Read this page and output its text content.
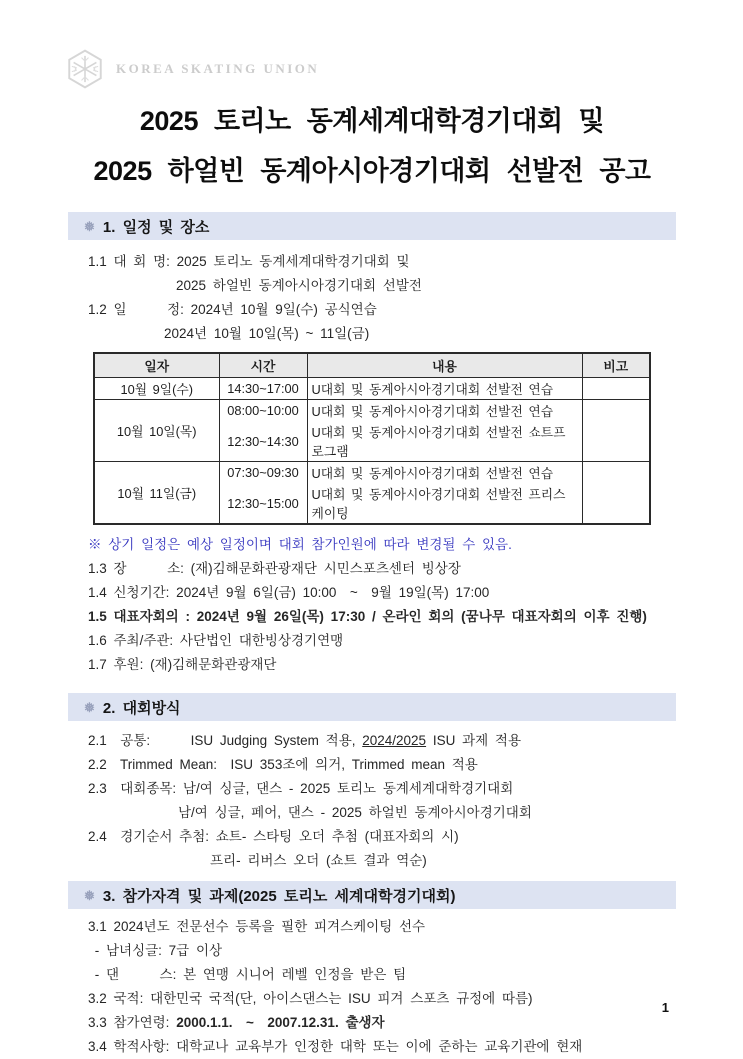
KOREA SKATING UNION
2025 토리노 동계세계대학경기대회 및
2025 하얼빈 동계아시아경기대회 선발전 공고
❅ 1. 일정 및 장소
1.1 대 회 명: 2025 토리노 동계세계대학경기대회 및
2025 하얼빈 동계아시아경기대회 선발전
1.2 일      정: 2024년 10월 9일(수) 공식연습
2024년 10월 10일(목) ~ 11일(금)
일자	시간	내용	비고
10월 9일(수)	14:30~17:00	U대회 및 동계아시아경기대회 선발전 연습	
10월 10일(목)	08:00~10:00	U대회 및 동계아시아경기대회 선발전 연습	
	12:30~14:30	U대회 및 동계아시아경기대회 선발전 쇼트프로그램	
10월 11일(금)	07:30~09:30	U대회 및 동계아시아경기대회 선발전 연습	
	12:30~15:00	U대회 및 동계아시아경기대회 선발전 프리스케이팅	
※ 상기 일정은 예상 일정이며 대회 참가인원에 따라 변경될 수 있음.
1.3 장      소: (재)김해문화관광재단 시민스포츠센터 빙상장
1.4 신청기간: 2024년 9월 6일(금) 10:00  ~  9월 19일(목) 17:00
1.5 대표자회의 : 2024년 9월 26일(목) 17:30 / 온라인 회의 (꿈나무 대표자회의 이후 진행)
1.6 주최/주관: 사단법인 대한빙상경기연맹
1.7 후원: (재)김해문화관광재단
❅ 2. 대회방식
2.1  공통:      ISU Judging System 적용, 2024/2025 ISU 과제 적용
2.2  Trimmed Mean:  ISU 353조에 의거, Trimmed mean 적용
2.3  대회종목: 남/여 싱글, 댄스 - 2025 토리노 동계세계대학경기대회
남/여 싱글, 페어, 댄스 - 2025 하얼빈 동계아시아경기대회
2.4  경기순서 추첨: 쇼트- 스타팅 오더 추첨 (대표자회의 시)
프리- 리버스 오더 (쇼트 결과 역순)
❅ 3. 참가자격 및 과제(2025 토리노 세계대학경기대회)
3.1 2024년도 전문선수 등록을 필한 피겨스케이팅 선수
- 남녀싱글: 7급 이상
- 댄      스: 본 연맹 시니어 레벨 인정을 받은 팀
3.2 국적: 대한민국 국적(단, 아이스댄스는 ISU 피겨 스포츠 규정에 따름)
3.3 참가연령: 2000.1.1.  ~  2007.12.31. 출생자
3.4 학적사항: 대학교나 교육부가 인정한 대학 또는 이에 준하는 교육기관에 현재
1
